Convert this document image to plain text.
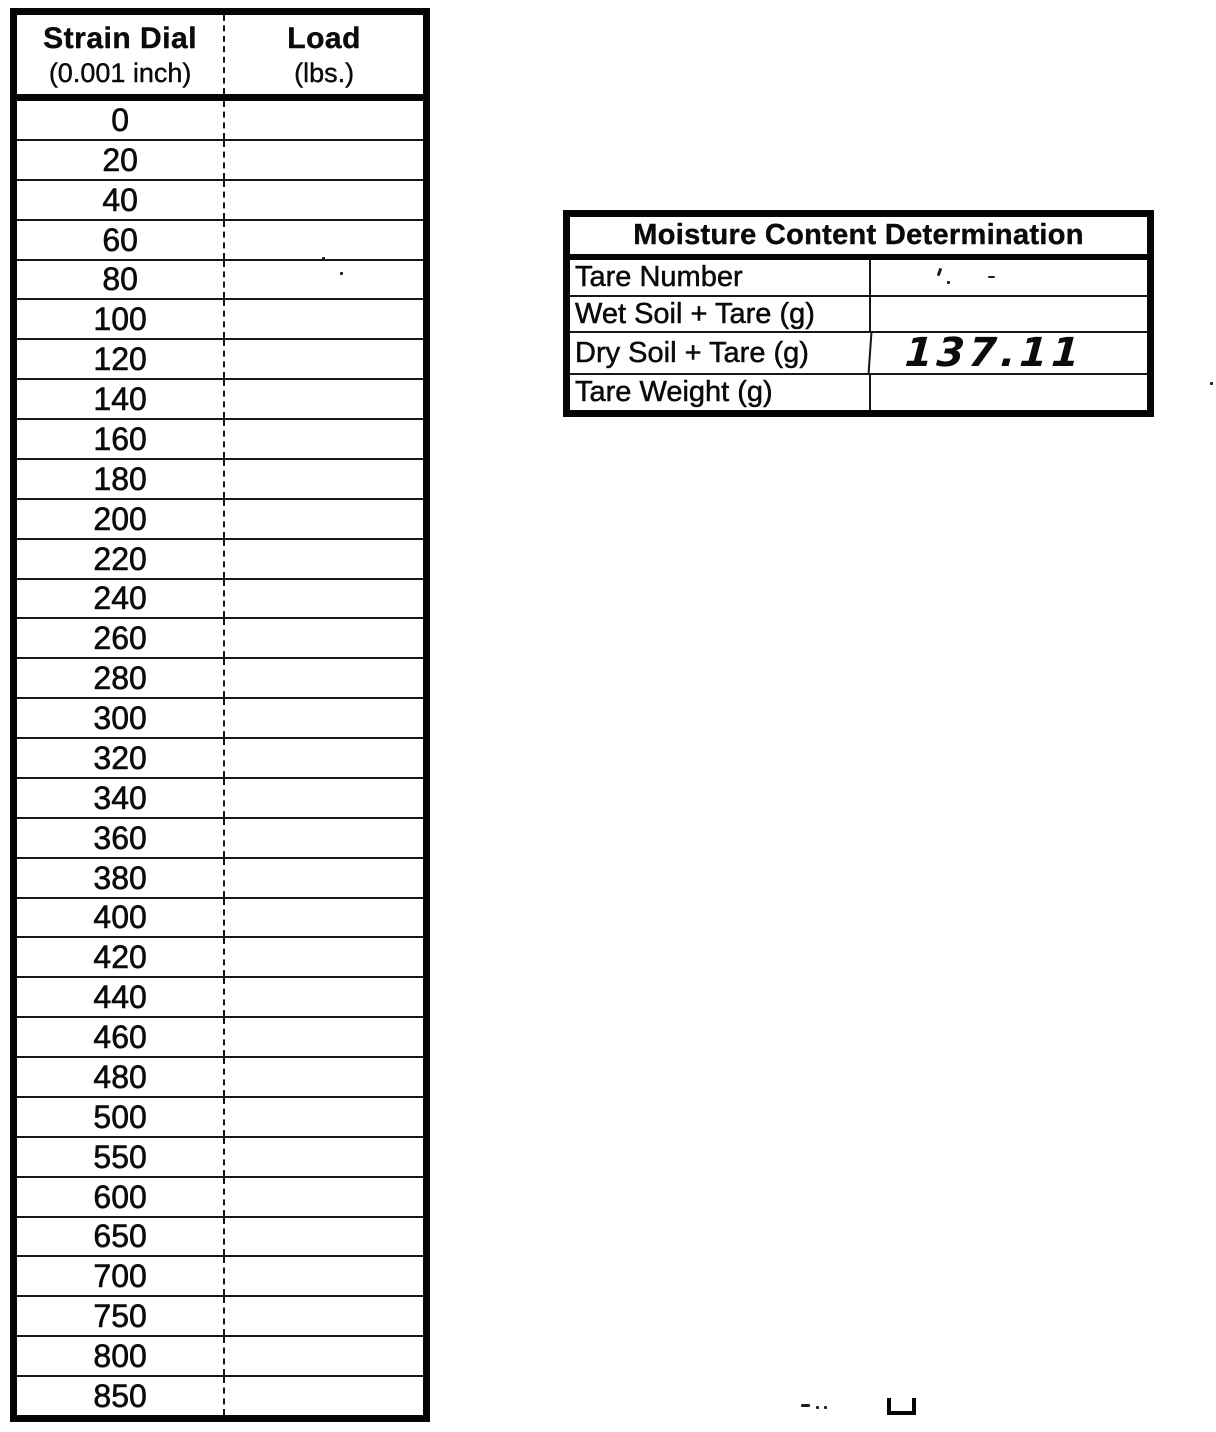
Strain Dial
(0.001 inch)
Load
(lbs.)
0
20
40
60
80
100
120
140
160
180
200
220
240
260
280
300
320
340
360
380
400
420
440
460
480
500
550
600
650
700
750
800
850
Moisture Content Determination
Tare Number
Wet Soil + Tare (g)
Dry Soil + Tare (g)	137.11
Tare Weight (g)
